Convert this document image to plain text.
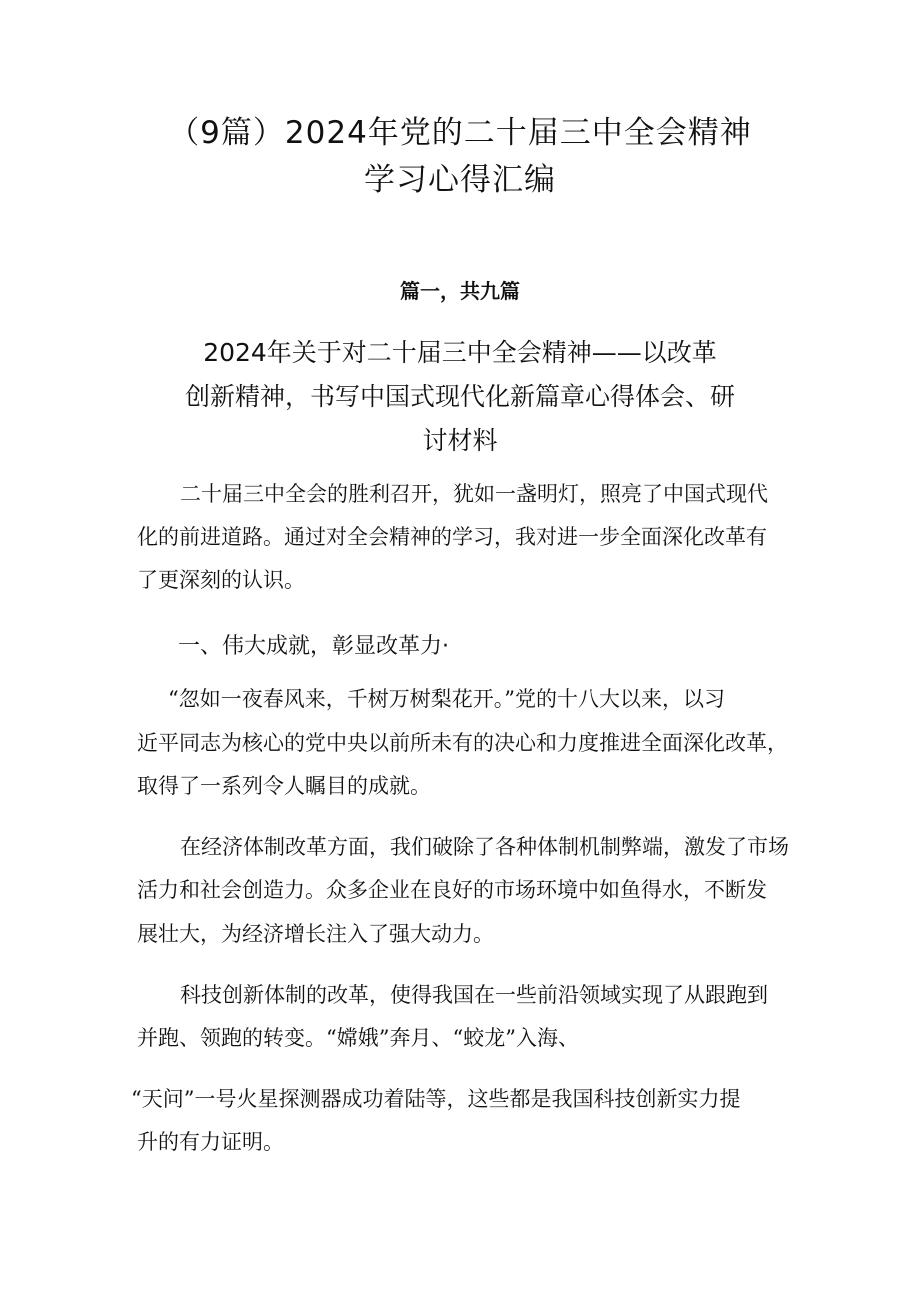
（9篇）2024年党的二十届三中全会精神
学习心得汇编
篇一，共九篇
2024年关于对二十届三中全会精神——以改革
创新精神，书写中国式现代化新篇章心得体会、研
讨材料

二十届三中全会的胜利召开，犹如一盏明灯，照亮了中国式现代

化的前进道路。通过对全会精神的学习，我对进一步全面深化改革有

了更深刻的认识。

一、伟大成就，彰显改革力·

“忽如一夜春风来，千树万树梨花开。”党的十八大以来，以习

近平同志为核心的党中央以前所未有的决心和力度推进全面深化改革，

取得了一系列令人瞩目的成就。

在经济体制改革方面，我们破除了各种体制机制弊端，激发了市场

活力和社会创造力。众多企业在良好的市场环境中如鱼得水，不断发

展壮大，为经济增长注入了强大动力。

科技创新体制的改革，使得我国在一些前沿领域实现了从跟跑到

并跑、领跑的转变。“嫦娥”奔月、“蛟龙”入海、

“天问”一号火星探测器成功着陆等，这些都是我国科技创新实力提

升的有力证明。
